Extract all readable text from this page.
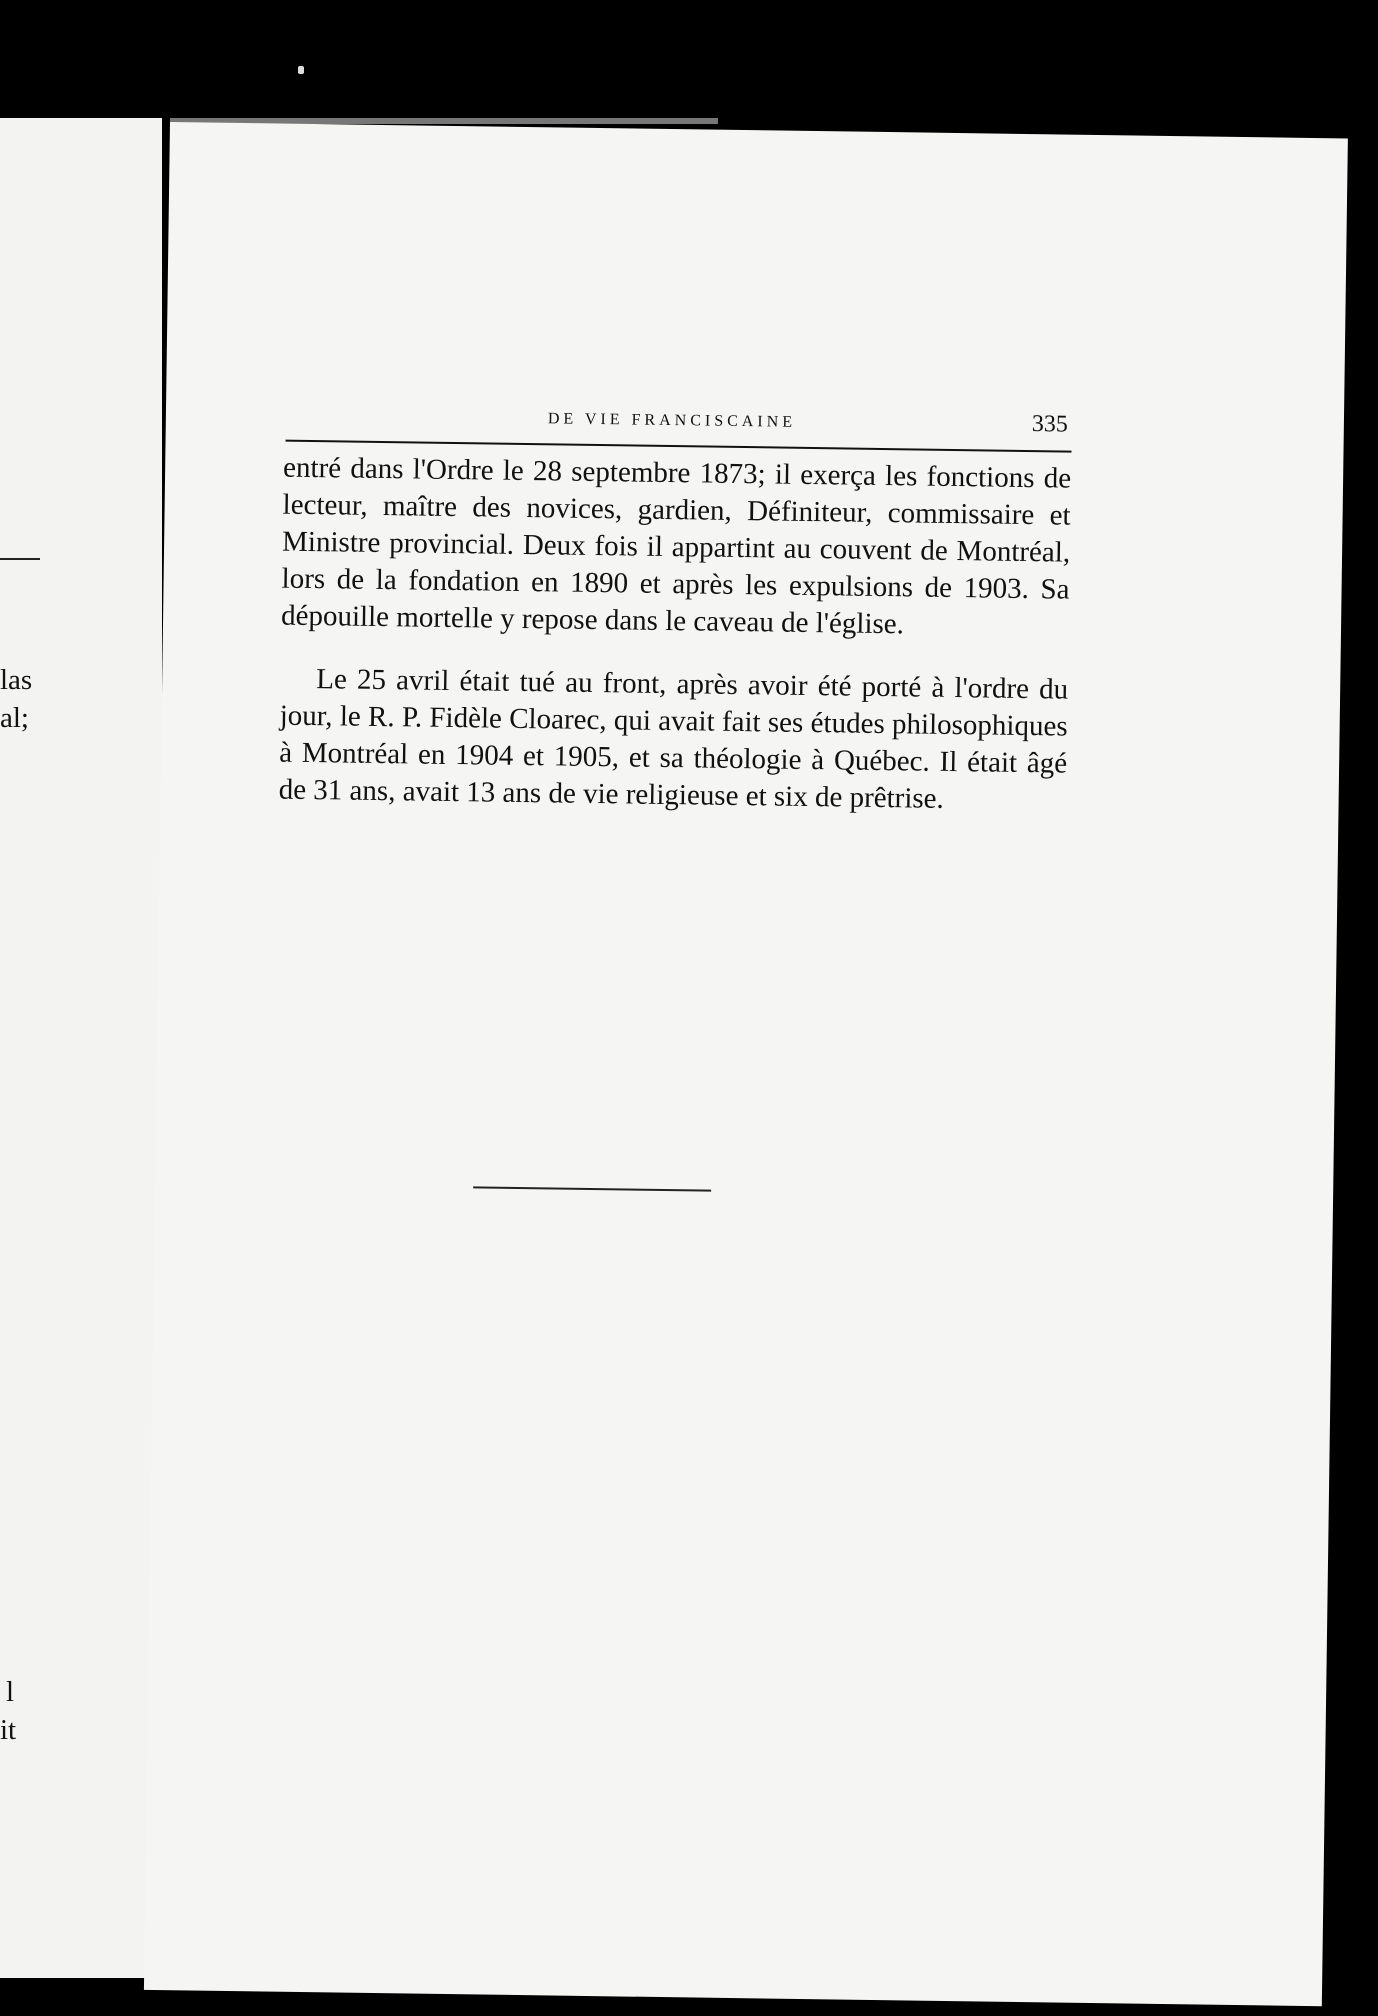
las
al;
l
it
DE VIE FRANCISCAINE	335

entré dans l'Ordre le 28 septembre 1873; il exerça les fonctions de lecteur, maître des novices, gardien, Définiteur, commissaire et Ministre provincial. Deux fois il appartint au couvent de Montréal, lors de la fondation en 1890 et après les expulsions de 1903. Sa dépouille mortelle y repose dans le caveau de l'église.

Le 25 avril était tué au front, après avoir été porté à l'ordre du jour, le R. P. Fidèle Cloarec, qui avait fait ses études philosophiques à Montréal en 1904 et 1905, et sa théologie à Québec. Il était âgé de 31 ans, avait 13 ans de vie religieuse et six de prêtrise.
